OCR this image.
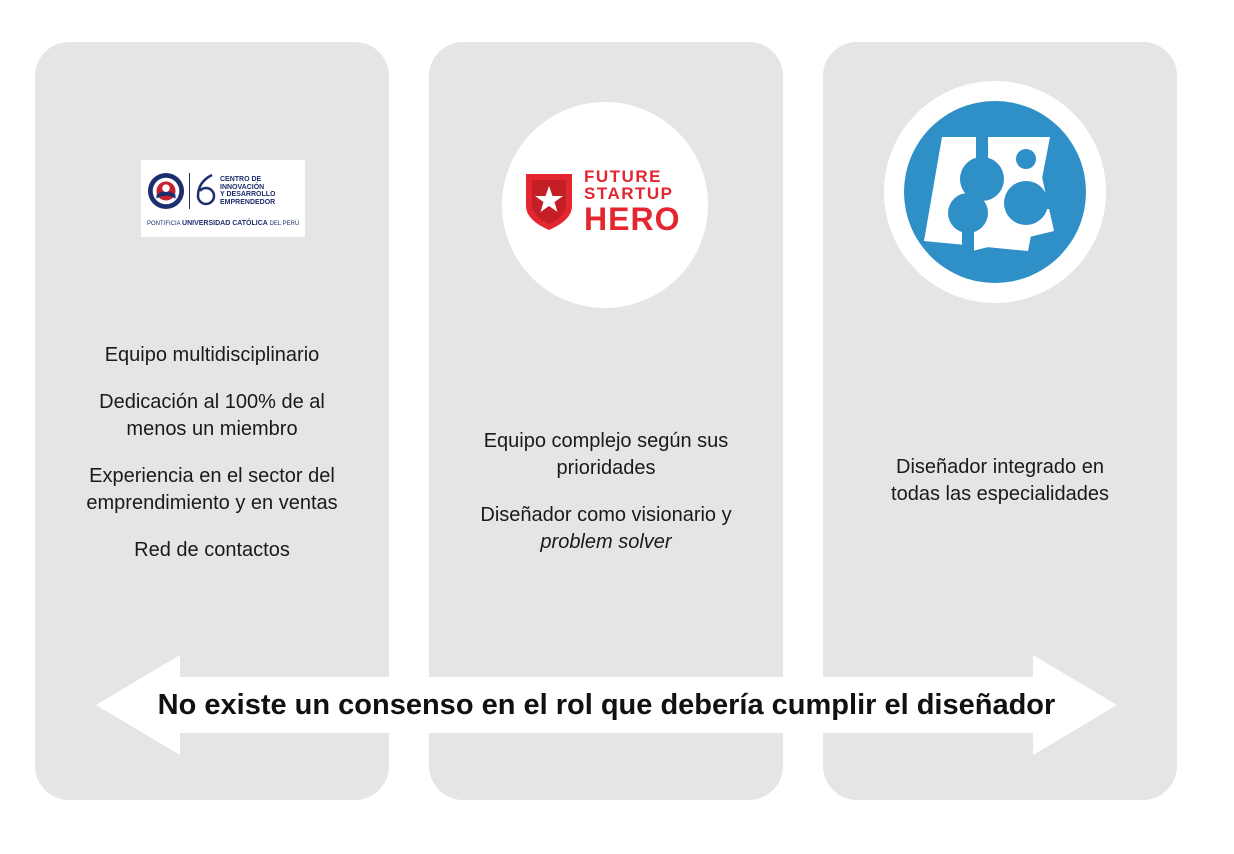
CENTRO DE
INNOVACIÓN
Y DESARROLLO
EMPRENDEDOR
PONTIFICIA UNIVERSIDAD CATÓLICA DEL PERÚ

Equipo multidisciplinario

Dedicación al 100% de al menos un miembro

Experiencia en el sector del emprendimiento y en ventas

Red de contactos

FUTURE
STARTUP
HERO

Equipo complejo según sus prioridades

Diseñador como visionario y
problem solver

Diseñador integrado en todas las especialidades

No existe un consenso en el rol que debería cumplir el diseñador
